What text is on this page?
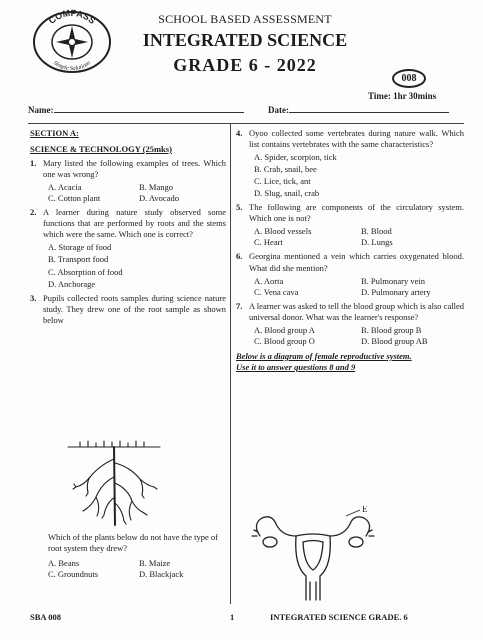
COMPASS
Simple Solutions
SCHOOL BASED ASSESSMENT
INTEGRATED SCIENCE
GRADE 6 - 2022
008
Time: 1hr 30mins
Name:	Date:

SECTION A:

SCIENCE & TECHNOLOGY (25mks)

1. Mary listed the following examples of trees. Which one was wrong?
A. Acacia	B. Mango
C. Cotton plant	D. Avocado
2. A learner during nature study observed some functions that are performed by roots and the stems which were the same. Which one is correct?
A. Storage of food
B. Transport food
C. Absorption of food
D. Anchorage
3. Pupils collected roots samples during science nature study. They drew one of the root sample as shown below

Which of the plants below do not have the type of root system they drew?

A. Beans	B. Maize
C. Groundnuts	D. Blackjack
4. Oyoo collected some vertebrates during nature walk. Which list contains vertebrates with the same characteristics?
A. Spider, scorpion, tick
B. Crab, snail, bee
C. Lice, tick, ant
D. Slug, snail, crab
5. The following are components of the circulatory system. Which one is not?
A. Blood vessels	B. Blood
C. Heart	D. Lungs
6. Georgina mentioned a vein which carries oxygenated blood. What did she mention?
A. Aorta	B. Pulmonary vein
C. Vena cava	D. Pulmonary artery
7. A learner was asked to tell the blood group which is also called universal donor. What was the learner's response?
A. Blood group A	B. Blood group B
C. Blood group O	D. Blood group AB

Below is a diagram of female reproductive system.

Use it to answer questions 8 and 9

E
SBA 008	1	INTEGRATED SCIENCE GRADE. 6
